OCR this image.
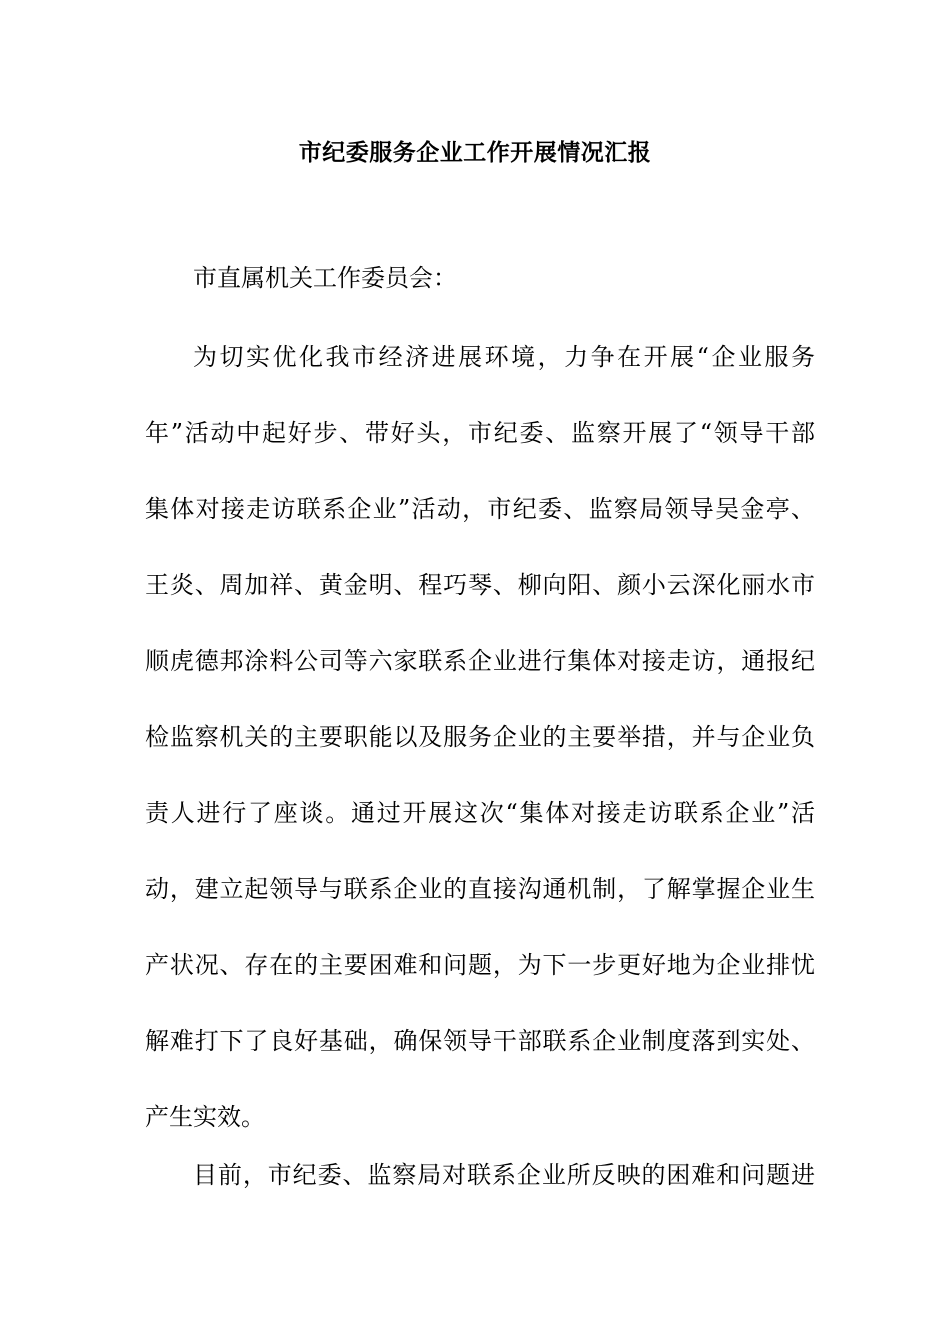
市纪委服务企业工作开展情况汇报
市直属机关工作委员会：
为切实优化我市经济进展环境，力争在开展“企业服务
年”活动中起好步、带好头，市纪委、监察开展了“领导干部
集体对接走访联系企业”活动，市纪委、监察局领导吴金亭、
王炎、周加祥、黄金明、程巧琴、柳向阳、颜小云深化丽水市
顺虎德邦涂料公司等六家联系企业进行集体对接走访，通报纪
检监察机关的主要职能以及服务企业的主要举措，并与企业负
责人进行了座谈。通过开展这次“集体对接走访联系企业”活
动，建立起领导与联系企业的直接沟通机制，了解掌握企业生
产状况、存在的主要困难和问题，为下一步更好地为企业排忧
解难打下了良好基础，确保领导干部联系企业制度落到实处、
产生实效。
目前，市纪委、监察局对联系企业所反映的困难和问题进
